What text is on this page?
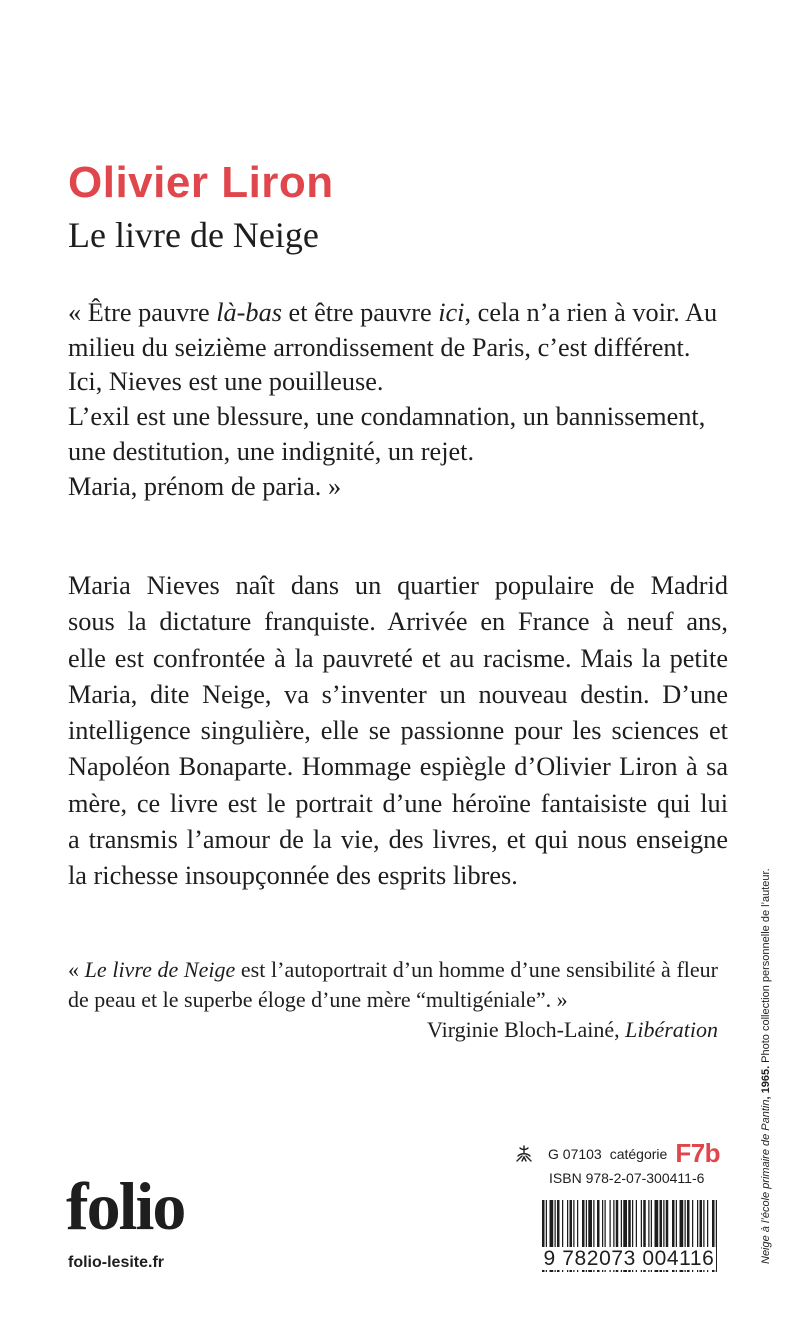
Olivier Liron
Le livre de Neige

« Être pauvre là-bas et être pauvre ici, cela n’a rien à voir. Au
milieu du seizième arrondissement de Paris, c’est différent.
Ici, Nieves est une pouilleuse.
L’exil est une blessure, une condamnation, un bannissement,
une destitution, une indignité, un rejet.
Maria, prénom de paria. »

Maria Nieves naît dans un quartier populaire de Madrid
sous la dictature franquiste. Arrivée en France à neuf ans,
elle est confrontée à la pauvreté et au racisme. Mais la petite
Maria, dite Neige, va s’inventer un nouveau destin. D’une
intelligence singulière, elle se passionne pour les sciences et
Napoléon Bonaparte. Hommage espiègle d’Olivier Liron à sa
mère, ce livre est le portrait d’une héroïne fantaisiste qui lui
a transmis l’amour de la vie, des livres, et qui nous enseigne
la richesse insoupçonnée des esprits libres.

« Le livre de Neige est l’autoportrait d’un homme d’une sensibilité à fleur
de peau et le superbe éloge d’une mère “multigéniale”. »
Virginie Bloch-Lainé, Libération

Neige à l’école primaire de Pantin, 1965. Photo collection personnelle de l’auteur.
G 07103 catégorie F7b
ISBN 978-2-07-300411-6
9 782073 004116
folio
folio-lesite.fr
